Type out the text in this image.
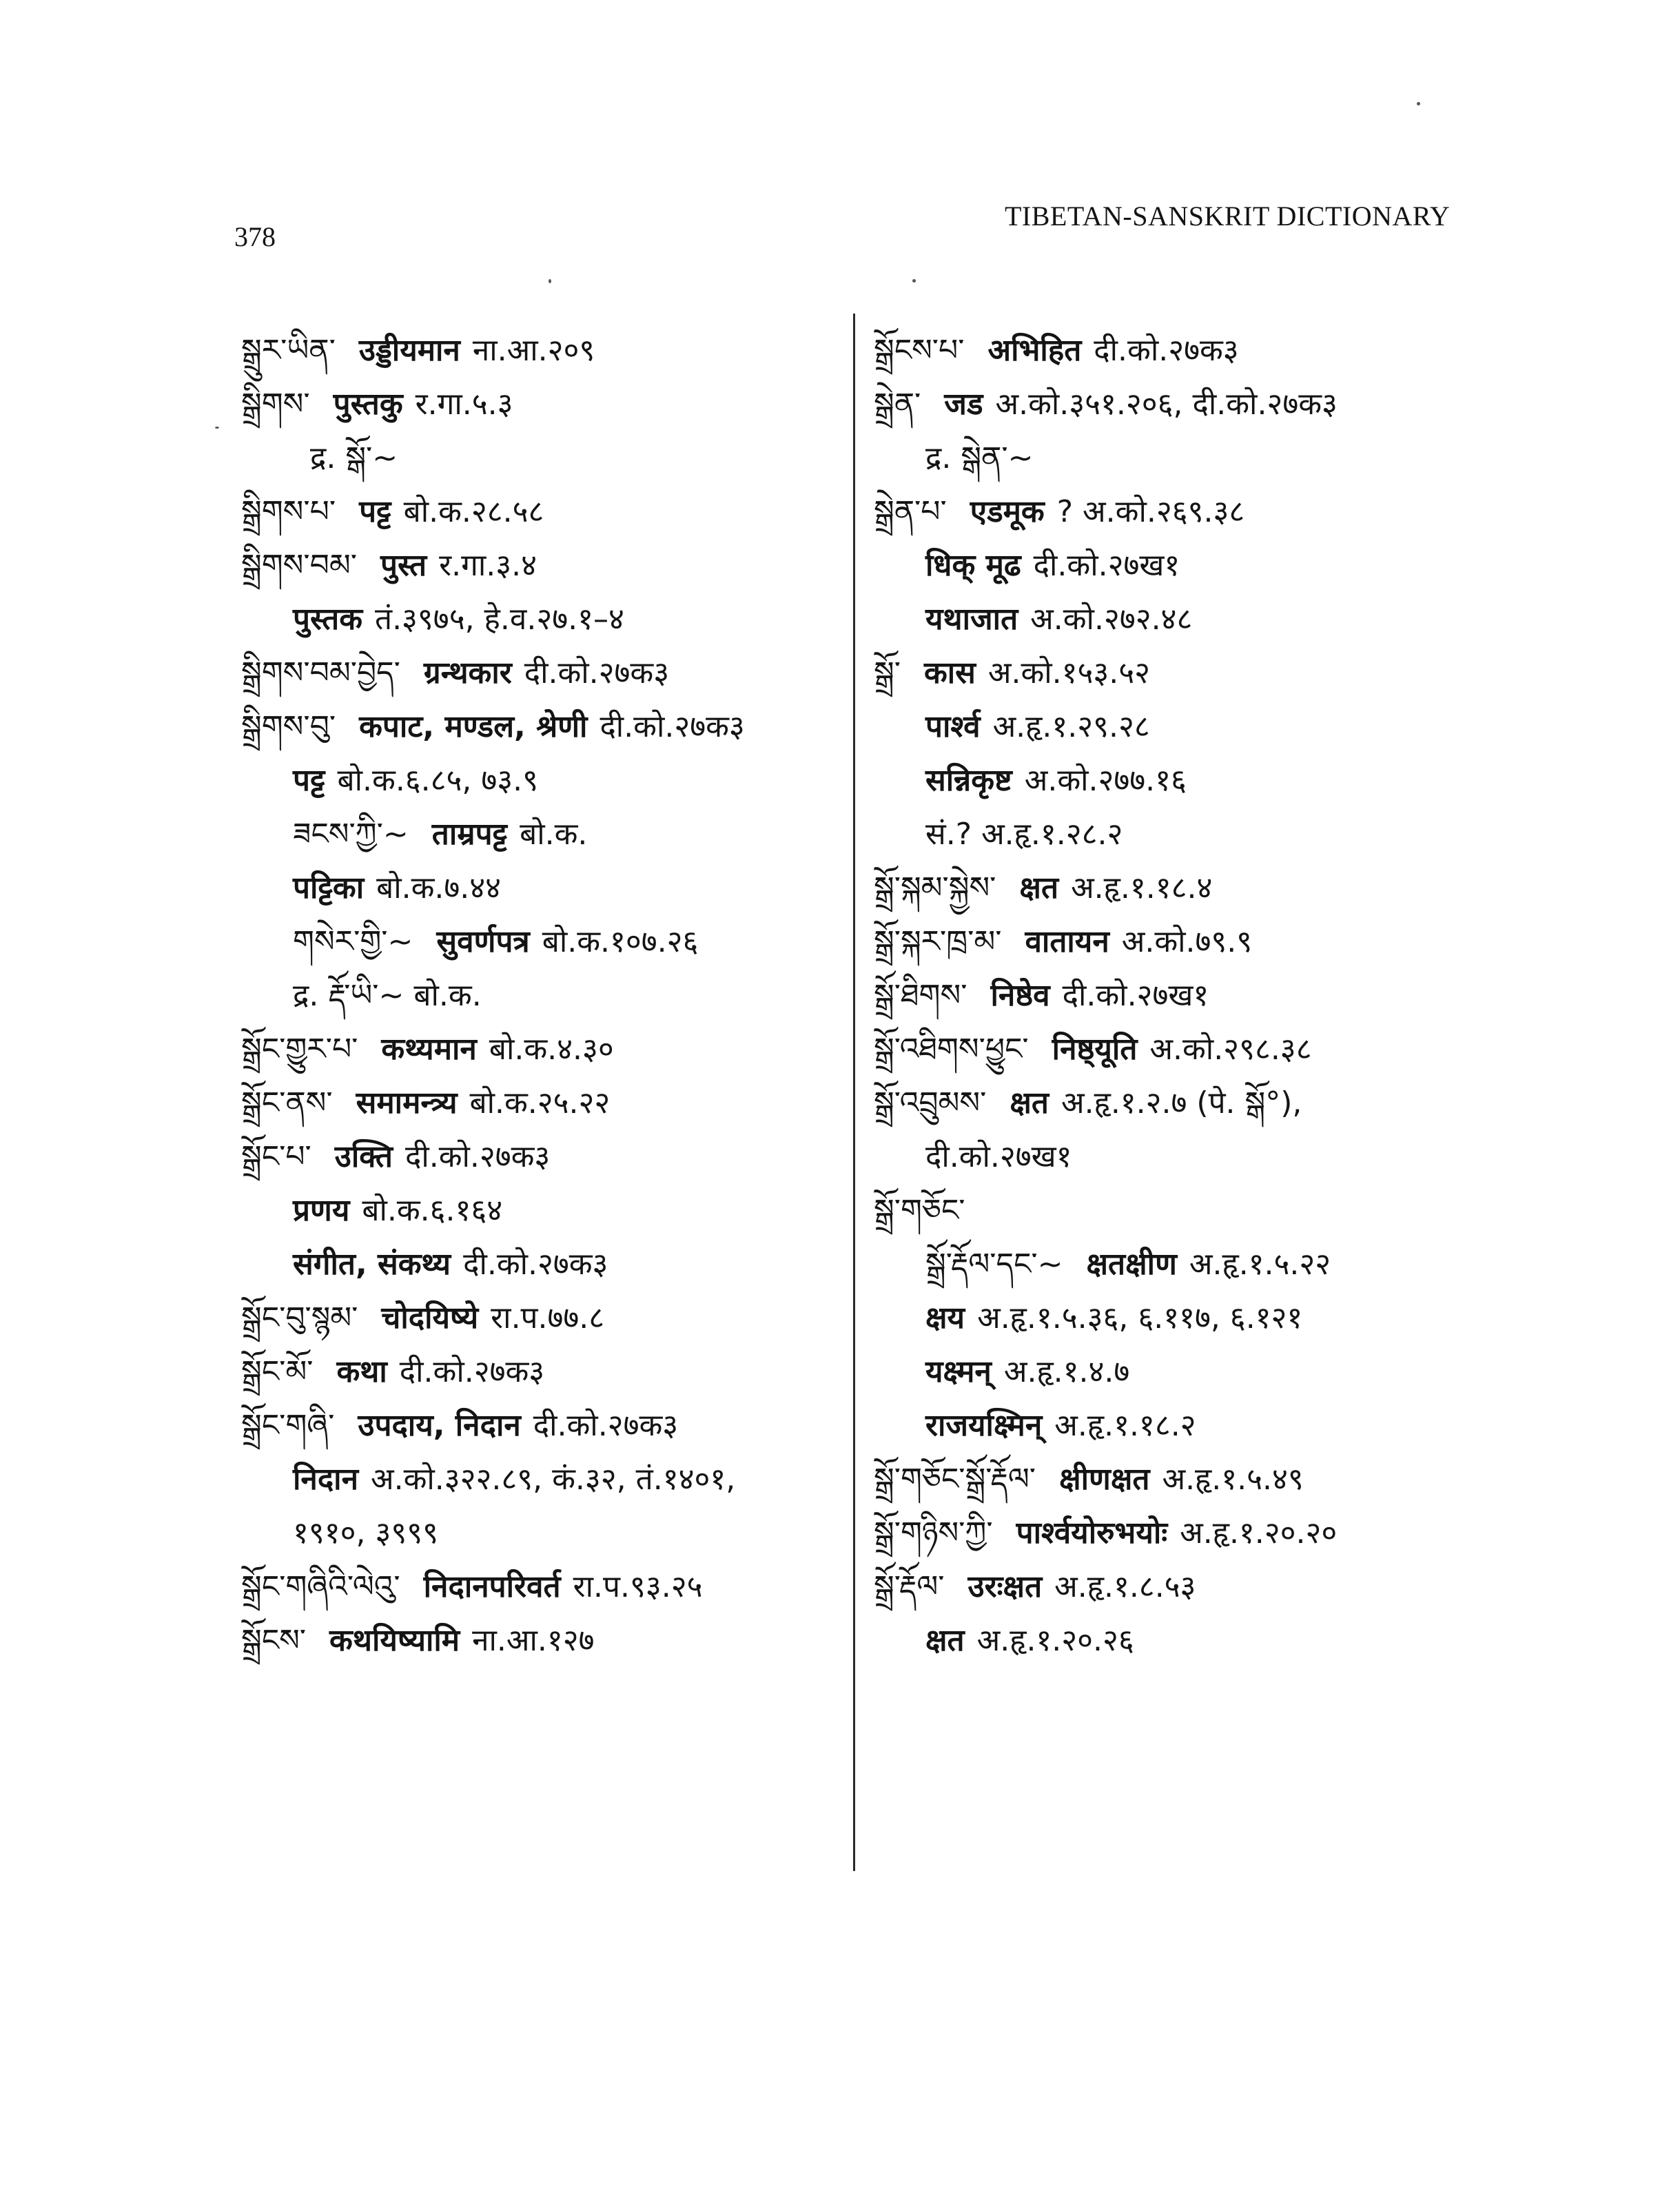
378
TIBETAN-SANSKRIT DICTIONARY
སྒྲུར་ཡིན་ उड्डीयमान ना.आ.२०९
སྒྲིགས་ पुस्तकु र.गा.५.३
द्र. སྒོ་~
སྒྲིགས་པ་ पट्ट बो.क.२८.५८
སྒྲིགས་བམ་ पुस्त र.गा.३.४
पुस्तक तं.३९७५, हे.व.२७.१–४
སྒྲིགས་བམ་བྱེད་ ग्रन्थकार दी.को.२७क३
སྒྲིགས་བུ་ कपाट, मण्डल, श्रेणी दी.को.२७क३
पट्ट बो.क.६.८५, ७३.९
ཟངས་ཀྱི་~ ताम्रपट्ट बो.क.
पट्टिका बो.क.७.४४
གསེར་གྱི་~ सुवर्णपत्र बो.क.१०७.२६
द्र. རྡོ་ཡི་~ बो.क.
སྒྲོང་གྱུར་པ་ कथ्यमान बो.क.४.३०
སྒྲོང་ནས་ समामन्त्र्य बो.क.२५.२२
སྒྲོང་པ་ उक्ति दी.को.२७क३
प्रणय बो.क.६.१६४
संगीत, संकथ्य दी.को.२७क३
སྒྲོང་བུ་སྙམ་ चोदयिष्ये रा.प.७७.८
སྒྲོང་མོ་ कथा दी.को.२७क३
སྒྲོང་གཞི་ उपदाय, निदान दी.को.२७क३
निदान अ.को.३२२.८९, कं.३२, तं.१४०१,
१९१०, ३९९९
སྒྲོང་གཞིའི་ལེའུ་ निदानपरिवर्त रा.प.९३.२५
སྒྲོངས་ कथयिष्यामि ना.आ.१२७
སྒྲོངས་པ་ अभिहित दी.को.२७क३
སྒྲེན་ जड अ.को.३५१.२०६, दी.को.२७क३
द्र. སྒེན་~
སྒྲེན་པ་ एडमूक ? अ.को.२६९.३८
धिक् मूढ दी.को.२७ख१
यथाजात अ.को.२७२.४८
སྒྲོ་ कास अ.को.१५३.५२
पार्श्व अ.हृ.१.२९.२८
सन्निकृष्ट अ.को.२७७.१६
सं.? अ.हृ.१.२८.२
སྒྲོ་སྐམ་སྐྱེས་ क्षत अ.हृ.१.१८.४
སྒྲོ་སྐར་ཁྲ་མ་ वातायन अ.को.७९.९
སྒྲོ་ཐིགས་ निष्ठेव दी.को.२७ख१
སྒྲོ་འཐིགས་ཕྱུང་ निष्ठ्यूति अ.को.२९८.३८
སྒྲོ་འབྲུམས་ क्षत अ.हृ.१.२.७ (पे. སྒོ°),
दी.को.२७ख१
སྒྲོ་གཅོང་
སྒྲོ་རྡོལ་དང་~ क्षतक्षीण अ.हृ.१.५.२२
क्षय अ.हृ.१.५.३६, ६.११७, ६.१२१
यक्ष्मन् अ.हृ.१.४.७
राजयक्ष्मिन् अ.हृ.१.१८.२
སྒྲོ་གཅོང་སྒྲོ་རྡོལ་ क्षीणक्षत अ.हृ.१.५.४९
སྒྲོ་གཉིས་ཀྱི་ पार्श्वयोरुभयोः अ.हृ.१.२०.२०
སྒྲོ་རྡོལ་ उरःक्षत अ.हृ.१.८.५३
क्षत अ.हृ.१.२०.२६
